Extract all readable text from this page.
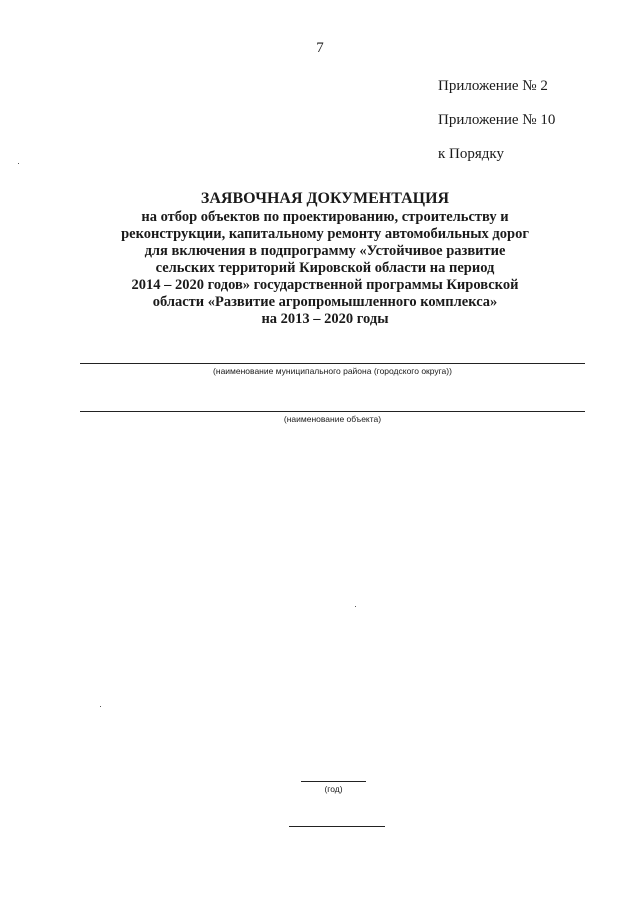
7
Приложение № 2
Приложение № 10
к Порядку
ЗАЯВОЧНАЯ ДОКУМЕНТАЦИЯ
на отбор объектов по проектированию, строительству и
реконструкции, капитальному ремонту автомобильных дорог
для включения в подпрограмму «Устойчивое развитие
сельских территорий Кировской области на период
2014 – 2020 годов» государственной программы Кировской
области «Развитие агропромышленного комплекса»
на 2013 – 2020 годы
(наименование муниципального района (городского округа))
(наименование объекта)
(год)
